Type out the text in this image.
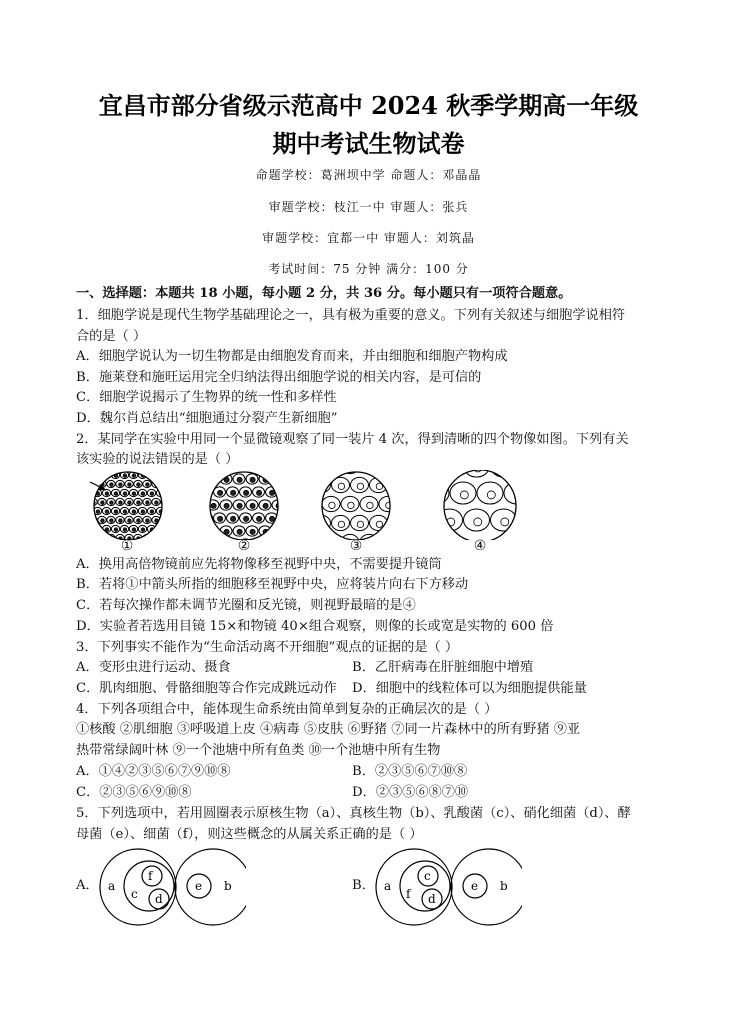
宜昌市部分省级示范高中 2024 秋季学期高一年级
期中考试生物试卷
命题学校：葛洲坝中学 命题人：邓晶晶
审题学校：枝江一中 审题人：张兵
审题学校：宜都一中 审题人：刘筑晶
考试时间：75 分钟 满分：100 分
一、选择题：本题共 18 小题，每小题 2 分，共 36 分。每小题只有一项符合题意。
1．细胞学说是现代生物学基础理论之一，具有极为重要的意义。下列有关叙述与细胞学说相符
合的是（ ）
A．细胞学说认为一切生物都是由细胞发育而来，并由细胞和细胞产物构成
B．施莱登和施旺运用完全归纳法得出细胞学说的相关内容，是可信的
C．细胞学说揭示了生物界的统一性和多样性
D．魏尔肖总结出“细胞通过分裂产生新细胞”
2．某同学在实验中用同一个显微镜观察了同一装片 4 次，得到清晰的四个物像如图。下列有关
该实验的说法错误的是（ ）
①	②	③	④
A．换用高倍物镜前应先将物像移至视野中央，不需要提升镜筒
B．若将①中箭头所指的细胞移至视野中央，应将装片向右下方移动
C．若每次操作都未调节光圈和反光镜，则视野最暗的是④
D．实验者若选用目镜 15×和物镜 40×组合观察，则像的长或宽是实物的 600 倍
3．下列事实不能作为“生命活动离不开细胞”观点的证据的是（ ）
A．变形虫进行运动、摄食	B．乙肝病毒在肝脏细胞中增殖
C．肌肉细胞、骨骼细胞等合作完成跳远动作	D．细胞中的线粒体可以为细胞提供能量
4．下列各项组合中，能体现生命系统由简单到复杂的正确层次的是（ ）
①核酸 ②肌细胞 ③呼吸道上皮 ④病毒 ⑤皮肤 ⑥野猪 ⑦同一片森林中的所有野猪 ⑨亚
热带常绿阔叶林 ⑨一个池塘中所有鱼类 ⑩一个池塘中所有生物
A．①④②③⑤⑥⑦⑨⑩⑧	B．②③⑤⑥⑦⑩⑧
C．②③⑤⑥⑨⑩⑧	D．②③⑤⑥⑧⑦⑩
5．下列选项中，若用圆圈表示原核生物（a）、真核生物（b）、乳酸菌（c）、硝化细菌（d）、酵
母菌（e）、细菌（f），则这些概念的从属关系正确的是（ ）
A．	B．
a
f
c d
e b	a
c
f d
e b
